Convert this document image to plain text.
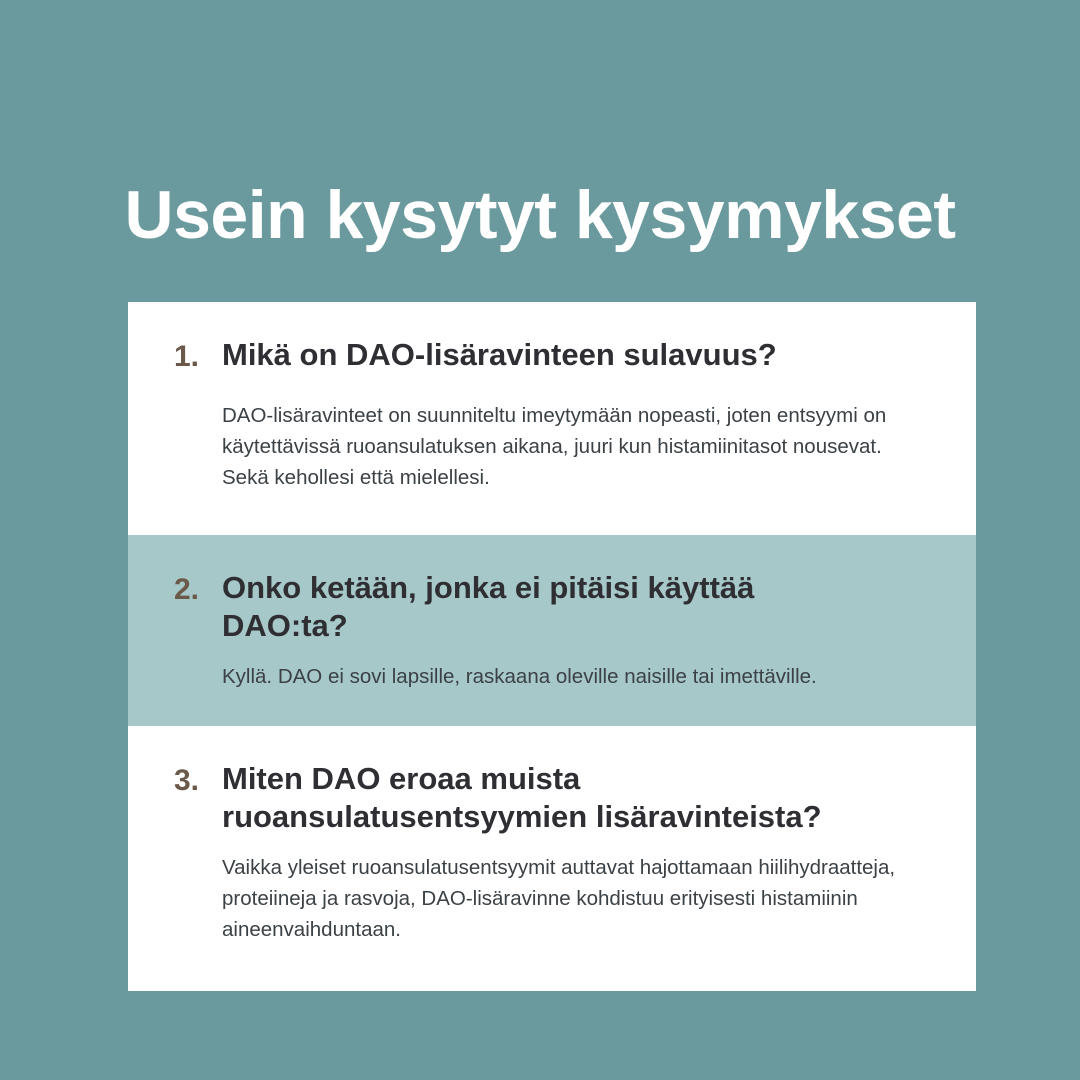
Usein kysytyt kysymykset
1. Mikä on DAO-lisäravinteen sulavuus?

DAO-lisäravinteet on suunniteltu imeytymään nopeasti, joten entsyymi on käytettävissä ruoansulatuksen aikana, juuri kun histamiinitasot nousevat. Sekä kehollesi että mielellesi.

2. Onko ketään, jonka ei pitäisi käyttää DAO:ta?

Kyllä. DAO ei sovi lapsille, raskaana oleville naisille tai imettäville.

3. Miten DAO eroaa muista ruoansulatusentsyymien lisäravinteista?

Vaikka yleiset ruoansulatusentsyymit auttavat hajottamaan hiilihydraatteja, proteiineja ja rasvoja, DAO-lisäravinne kohdistuu erityisesti histamiinin aineenvaihduntaan.
